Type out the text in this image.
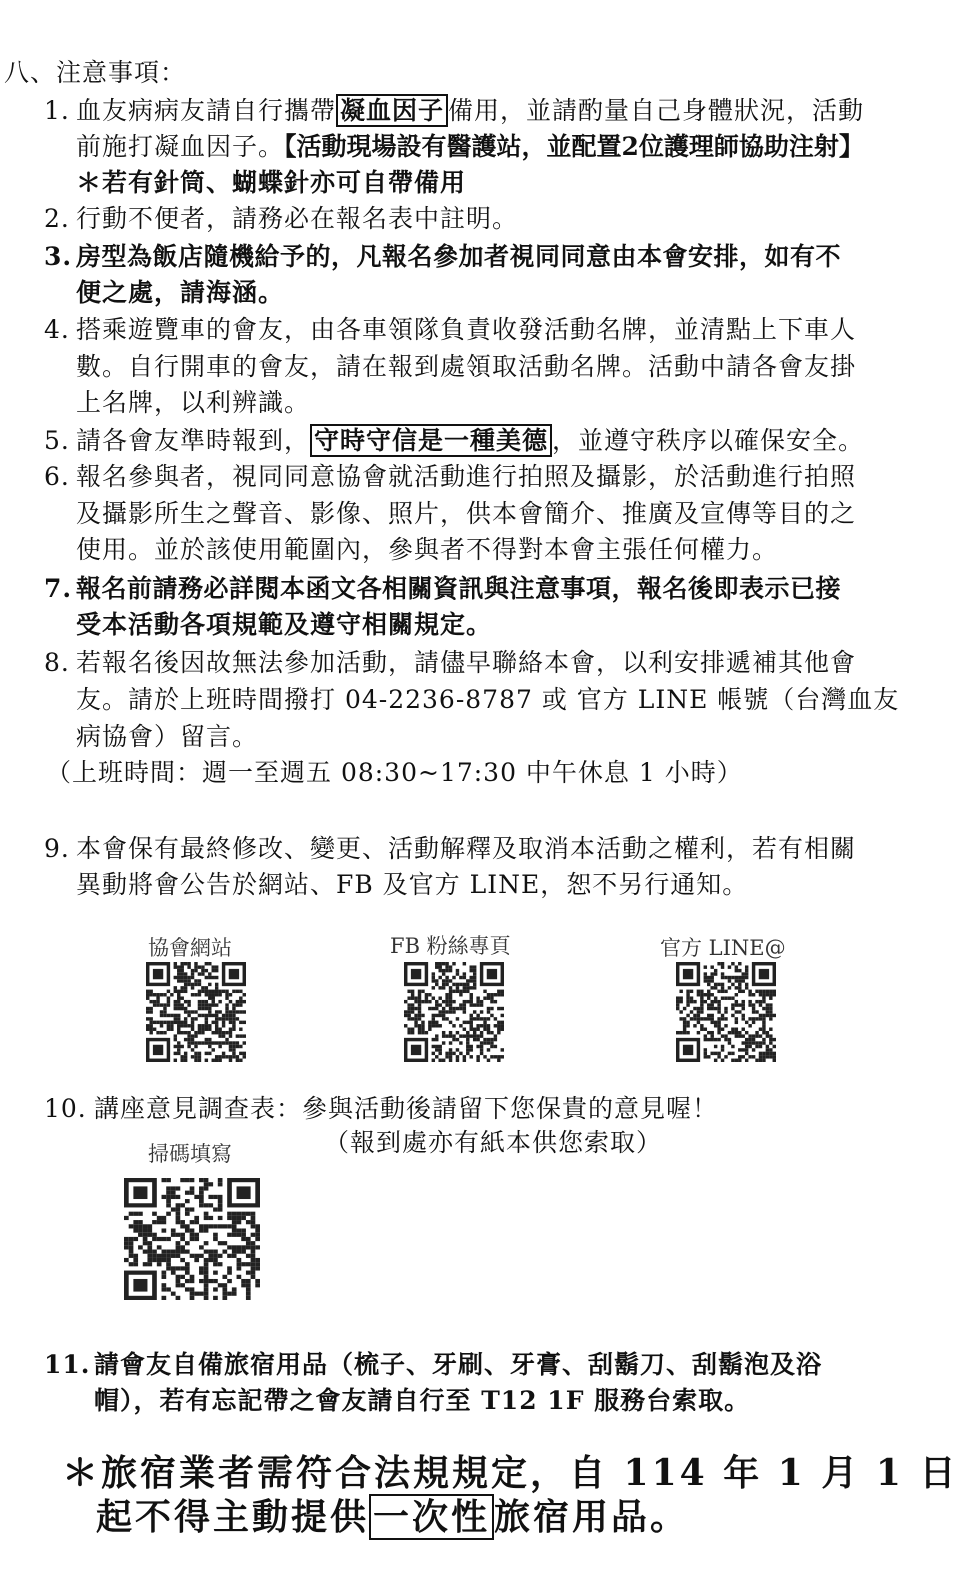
八、注意事項：
1. 血友病病友請自行攜帶 凝血因子 備用，並請酌量自己身體狀況，活動
前施打凝血因子。【活動現場設有醫護站，並配置2位護理師協助注射】
＊若有針筒、蝴蝶針亦可自帶備用
2. 行動不便者，請務必在報名表中註明。
3. 房型為飯店隨機給予的，凡報名參加者視同同意由本會安排，如有不
便之處，請海涵。
4. 搭乘遊覽車的會友，由各車領隊負責收發活動名牌，並清點上下車人
數。自行開車的會友，請在報到處領取活動名牌。活動中請各會友掛
上名牌，以利辨識。
5. 請各會友準時報到， 守時守信是一種美德 ，並遵守秩序以確保安全。
6. 報名參與者，視同同意協會就活動進行拍照及攝影，於活動進行拍照
及攝影所生之聲音、影像、照片，供本會簡介、推廣及宣傳等目的之
使用。並於該使用範圍內，參與者不得對本會主張任何權力。
7. 報名前請務必詳閱本函文各相關資訊與注意事項，報名後即表示已接
受本活動各項規範及遵守相關規定。
8. 若報名後因故無法參加活動，請儘早聯絡本會，以利安排遞補其他會
友。請於上班時間撥打 04-2236-8787 或 官方 LINE 帳號（台灣血友
病協會）留言。
（上班時間：週一至週五 08:30~17:30 中午休息 1 小時）
9. 本會保有最終修改、變更、活動解釋及取消本活動之權利，若有相關
異動將會公告於網站、FB 及官方 LINE，恕不另行通知。
協會網站	FB 粉絲專頁	官方 LINE@
10. 講座意見調查表：參與活動後請留下您保貴的意見喔！
（報到處亦有紙本供您索取）
掃碼填寫
11. 請會友自備旅宿用品（梳子、牙刷、牙膏、刮鬍刀、刮鬍泡及浴
帽），若有忘記帶之會友請自行至 T12 1F 服務台索取。
＊旅宿業者需符合法規規定，自 114 年 1 月 1 日
起不得主動提供 一次性 旅宿用品。
